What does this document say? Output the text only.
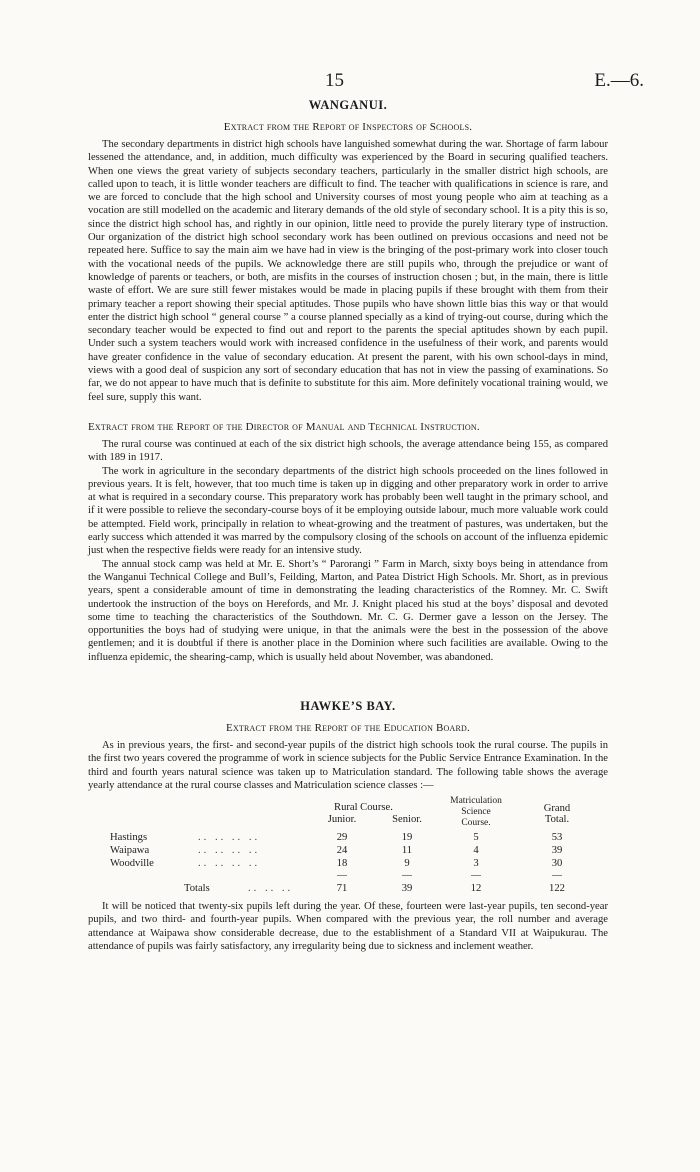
15	E.—6.
WANGANUI.
Extract from the Report of Inspectors of Schools.

The secondary departments in district high schools have languished somewhat during the war. Shortage of farm labour lessened the attendance, and, in addition, much difficulty was experienced by the Board in securing qualified teachers. When one views the great variety of subjects secondary teachers, particularly in the smaller district high schools, are called upon to teach, it is little wonder teachers are difficult to find. The teacher with qualifications in science is rare, and we are forced to conclude that the high school and University courses of most young people who aim at teaching as a vocation are still modelled on the academic and literary demands of the old style of secondary school. It is a pity this is so, since the district high school has, and rightly in our opinion, little need to provide the purely literary type of instruction. Our organization of the district high school secondary work has been outlined on previous occasions and need not be repeated here. Suffice to say the main aim we have had in view is the bringing of the post-primary work into closer touch with the vocational needs of the pupils. We acknowledge there are still pupils who, through the prejudice or want of knowledge of parents or teachers, or both, are misfits in the courses of instruction chosen ; but, in the main, there is little waste of effort. We are sure still fewer mistakes would be made in placing pupils if these brought with them from their primary teacher a report showing their special aptitudes. Those pupils who have shown little bias this way or that would enter the district high school “ general course ” a course planned specially as a kind of trying-out course, during which the secondary teacher would be expected to find out and report to the parents the special aptitudes shown by each pupil. Under such a system teachers would work with increased confidence in the usefulness of their work, and parents would have greater confidence in the value of secondary education. At present the parent, with his own school-days in mind, views with a good deal of suspicion any sort of secondary education that has not in view the passing of examinations. So far, we do not appear to have much that is definite to substitute for this aim. More definitely vocational training would, we feel sure, supply this want.

Extract from the Report of the Director of Manual and Technical Instruction.

The rural course was continued at each of the six district high schools, the average attendance being 155, as compared with 189 in 1917.

The work in agriculture in the secondary departments of the district high schools proceeded on the lines followed in previous years. It is felt, however, that too much time is taken up in digging and other preparatory work in order to arrive at what is required in a secondary course. This preparatory work has probably been well taught in the primary school, and if it were possible to relieve the secondary-course boys of it be employing outside labour, much more valuable work could be attempted. Field work, principally in relation to wheat-growing and the treatment of pastures, was undertaken, but the early success which attended it was marred by the compulsory closing of the schools on account of the influenza epidemic just when the respective fields were ready for an intensive study.

The annual stock camp was held at Mr. E. Short’s “ Parorangi ” Farm in March, sixty boys being in attendance from the Wanganui Technical College and Bull’s, Feilding, Marton, and Patea District High Schools. Mr. Short, as in previous years, spent a considerable amount of time in demonstrating the leading characteristics of the Romney. Mr. C. Swift undertook the instruction of the boys on Herefords, and Mr. J. Knight placed his stud at the boys’ disposal and devoted some time to teaching the characteristics of the Southdown. Mr. C. G. Dermer gave a lesson on the Jersey. The opportunities the boys had of studying were unique, in that the animals were the best in the possession of the above gentlemen; and it is doubtful if there is another place in the Dominion where such facilities are available. Owing to the influenza epidemic, the shearing-camp, which is usually held about November, was abandoned.

HAWKE’S BAY.
Extract from the Report of the Education Board.

As in previous years, the first- and second-year pupils of the district high schools took the rural course. The pupils in the first two years covered the programme of work in science subjects for the Public Service Entrance Examination. In the third and fourth years natural science was taken up to Matriculation standard. The following table shows the average yearly attendance at the rural course classes and Matriculation science classes :—

Rural Course.
Junior.	Senior.
Matriculation
Science
Course.
Grand
Total.
Hastings	.. .. .. ..	29	19	5	53
Waipawa	.. .. .. ..	24	11	4	39
Woodville	.. .. .. ..	18	9	3	30
—	—	—	—
Totals	.. .. ..	71	39	12	122

It will be noticed that twenty-six pupils left during the year. Of these, fourteen were last-year pupils, ten second-year pupils, and two third- and fourth-year pupils. When compared with the previous year, the roll number and average attendance at Waipawa show considerable decrease, due to the establishment of a Standard VII at Waipukurau. The attendance of pupils was fairly satisfactory, any irregularity being due to sickness and inclement weather.
